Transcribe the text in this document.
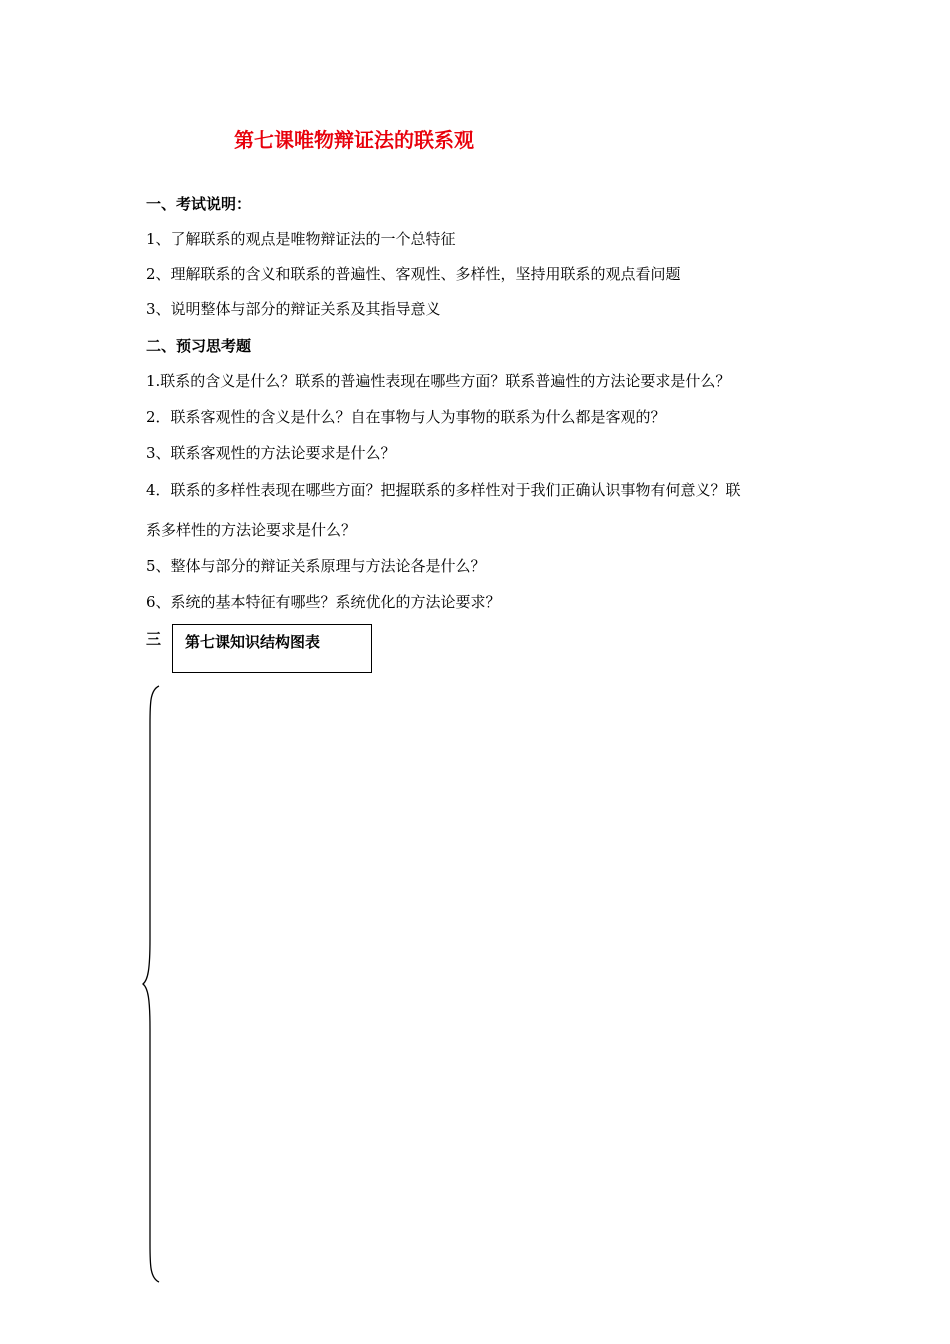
第七课唯物辩证法的联系观
一、考试说明：
1、了解联系的观点是唯物辩证法的一个总特征
2、理解联系的含义和联系的普遍性、客观性、多样性，坚持用联系的观点看问题
3、说明整体与部分的辩证关系及其指导意义
二、预习思考题
1.联系的含义是什么？联系的普遍性表现在哪些方面？联系普遍性的方法论要求是什么？
2．联系客观性的含义是什么？自在事物与人为事物的联系为什么都是客观的？
3、联系客观性的方法论要求是什么？
4．联系的多样性表现在哪些方面？把握联系的多样性对于我们正确认识事物有何意义？联
系多样性的方法论要求是什么？
5、整体与部分的辩证关系原理与方法论各是什么？
6、系统的基本特征有哪些？系统优化的方法论要求？
三 第七课知识结构图表
